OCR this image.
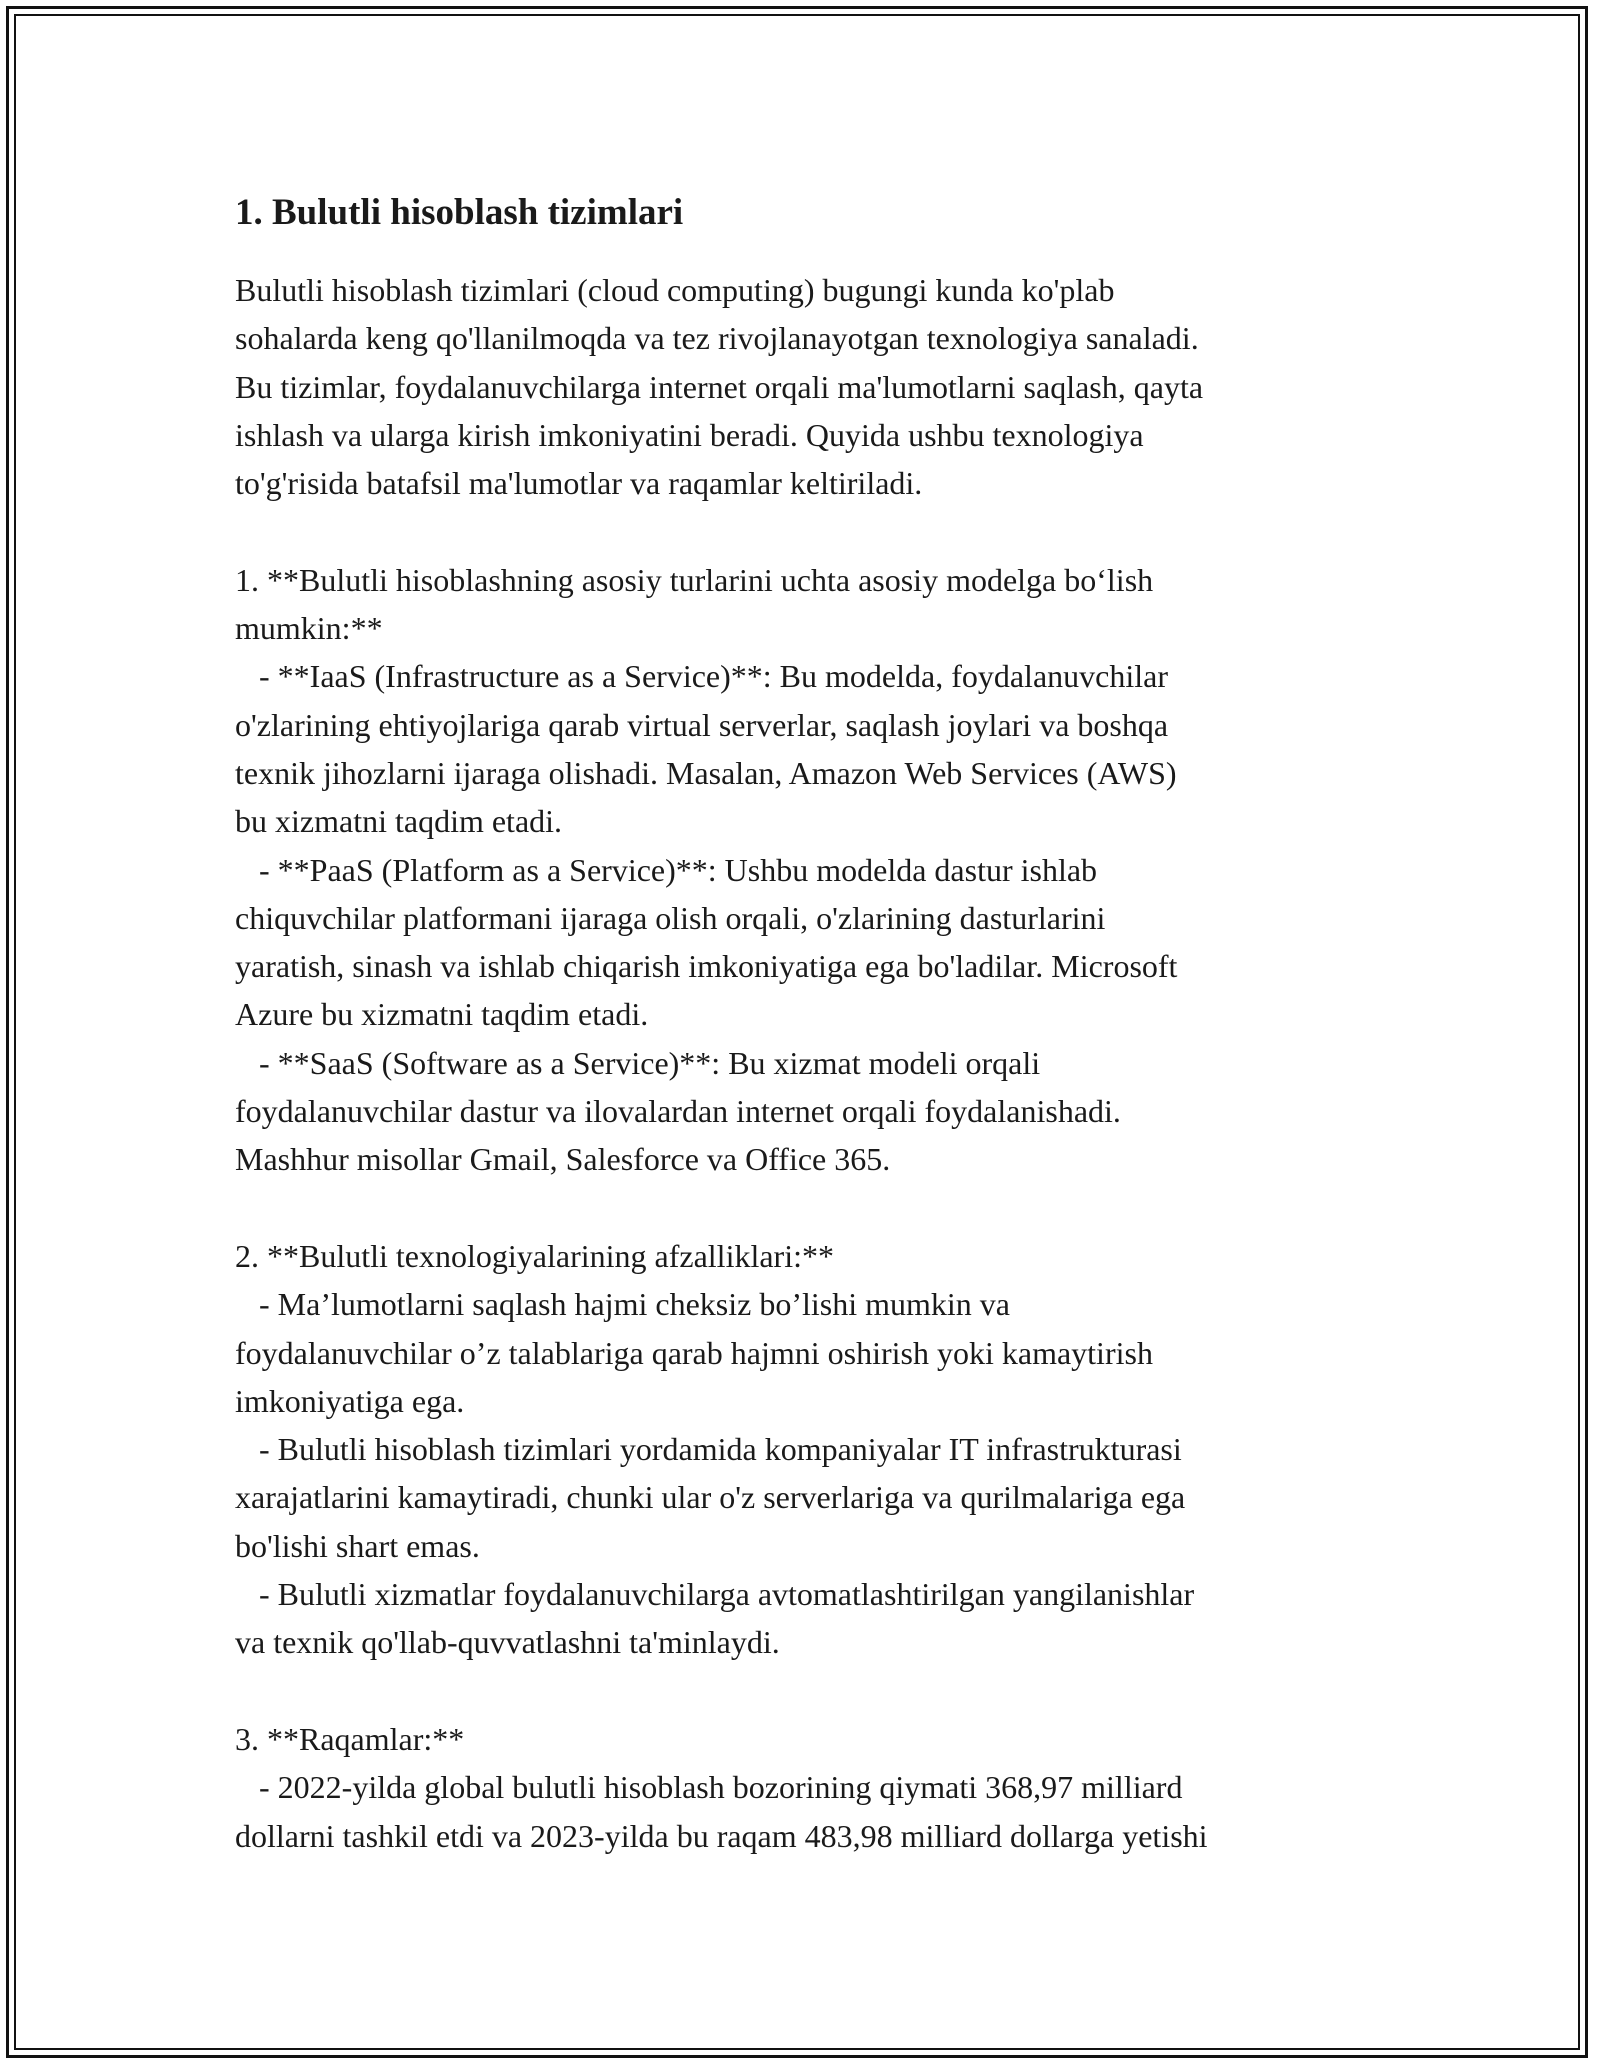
1. Bulutli hisoblash tizimlari
Bulutli hisoblash tizimlari (cloud computing) bugungi kunda ko'plab
sohalarda keng qo'llanilmoqda va tez rivojlanayotgan texnologiya sanaladi.
Bu tizimlar, foydalanuvchilarga internet orqali ma'lumotlarni saqlash, qayta
ishlash va ularga kirish imkoniyatini beradi. Quyida ushbu texnologiya
to'g'risida batafsil ma'lumotlar va raqamlar keltiriladi.
1. **Bulutli hisoblashning asosiy turlarini uchta asosiy modelga bo‘lish
mumkin:**
- **IaaS (Infrastructure as a Service)**: Bu modelda, foydalanuvchilar
o'zlarining ehtiyojlariga qarab virtual serverlar, saqlash joylari va boshqa
texnik jihozlarni ijaraga olishadi. Masalan, Amazon Web Services (AWS)
bu xizmatni taqdim etadi.
- **PaaS (Platform as a Service)**: Ushbu modelda dastur ishlab
chiquvchilar platformani ijaraga olish orqali, o'zlarining dasturlarini
yaratish, sinash va ishlab chiqarish imkoniyatiga ega bo'ladilar. Microsoft
Azure bu xizmatni taqdim etadi.
- **SaaS (Software as a Service)**: Bu xizmat modeli orqali
foydalanuvchilar dastur va ilovalardan internet orqali foydalanishadi.
Mashhur misollar Gmail, Salesforce va Office 365.
2. **Bulutli texnologiyalarining afzalliklari:**
- Ma’lumotlarni saqlash hajmi cheksiz bo’lishi mumkin va
foydalanuvchilar o’z talablariga qarab hajmni oshirish yoki kamaytirish
imkoniyatiga ega.
- Bulutli hisoblash tizimlari yordamida kompaniyalar IT infrastrukturasi
xarajatlarini kamaytiradi, chunki ular o'z serverlariga va qurilmalariga ega
bo'lishi shart emas.
- Bulutli xizmatlar foydalanuvchilarga avtomatlashtirilgan yangilanishlar
va texnik qo'llab-quvvatlashni ta'minlaydi.
3. **Raqamlar:**
- 2022-yilda global bulutli hisoblash bozorining qiymati 368,97 milliard
dollarni tashkil etdi va 2023-yilda bu raqam 483,98 milliard dollarga yetishi
